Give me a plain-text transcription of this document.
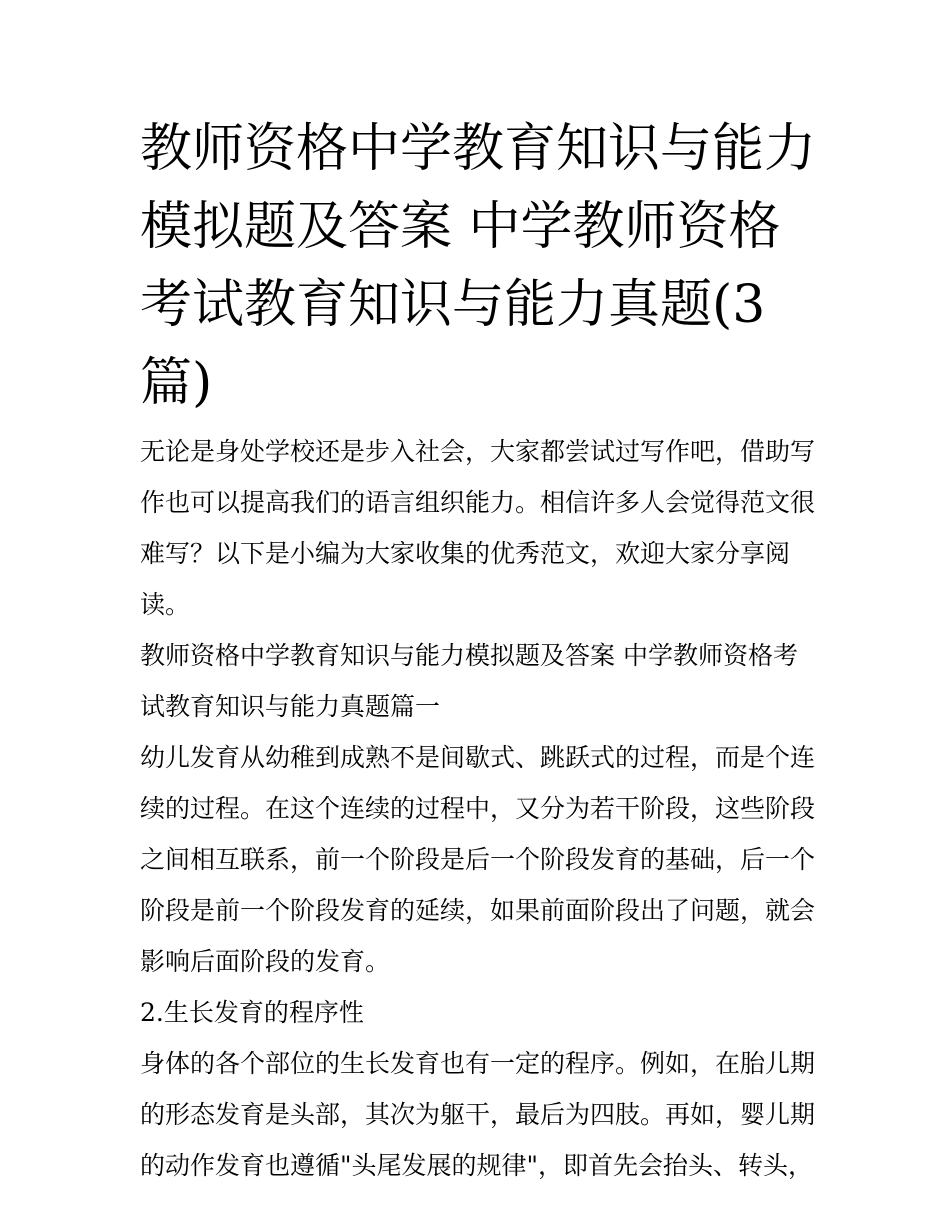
教师资格中学教育知识与能力模拟题及答案 中学教师资格考试教育知识与能力真题(3篇)

无论是身处学校还是步入社会，大家都尝试过写作吧，借助写作也可以提高我们的语言组织能力。相信许多人会觉得范文很难写？以下是小编为大家收集的优秀范文，欢迎大家分享阅读。

教师资格中学教育知识与能力模拟题及答案 中学教师资格考试教育知识与能力真题篇一

幼儿发育从幼稚到成熟不是间歇式、跳跃式的过程，而是个连续的过程。在这个连续的过程中，又分为若干阶段，这些阶段之间相互联系，前一个阶段是后一个阶段发育的基础，后一个阶段是前一个阶段发育的延续，如果前面阶段出了问题，就会影响后面阶段的发育。

2.生长发育的程序性

身体的各个部位的生长发育也有一定的程序。例如，在胎儿期的形态发育是头部，其次为躯干，最后为四肢。再如，婴儿期的动作发育也遵循"头尾发展的规律"，即首先会抬头、转头，
